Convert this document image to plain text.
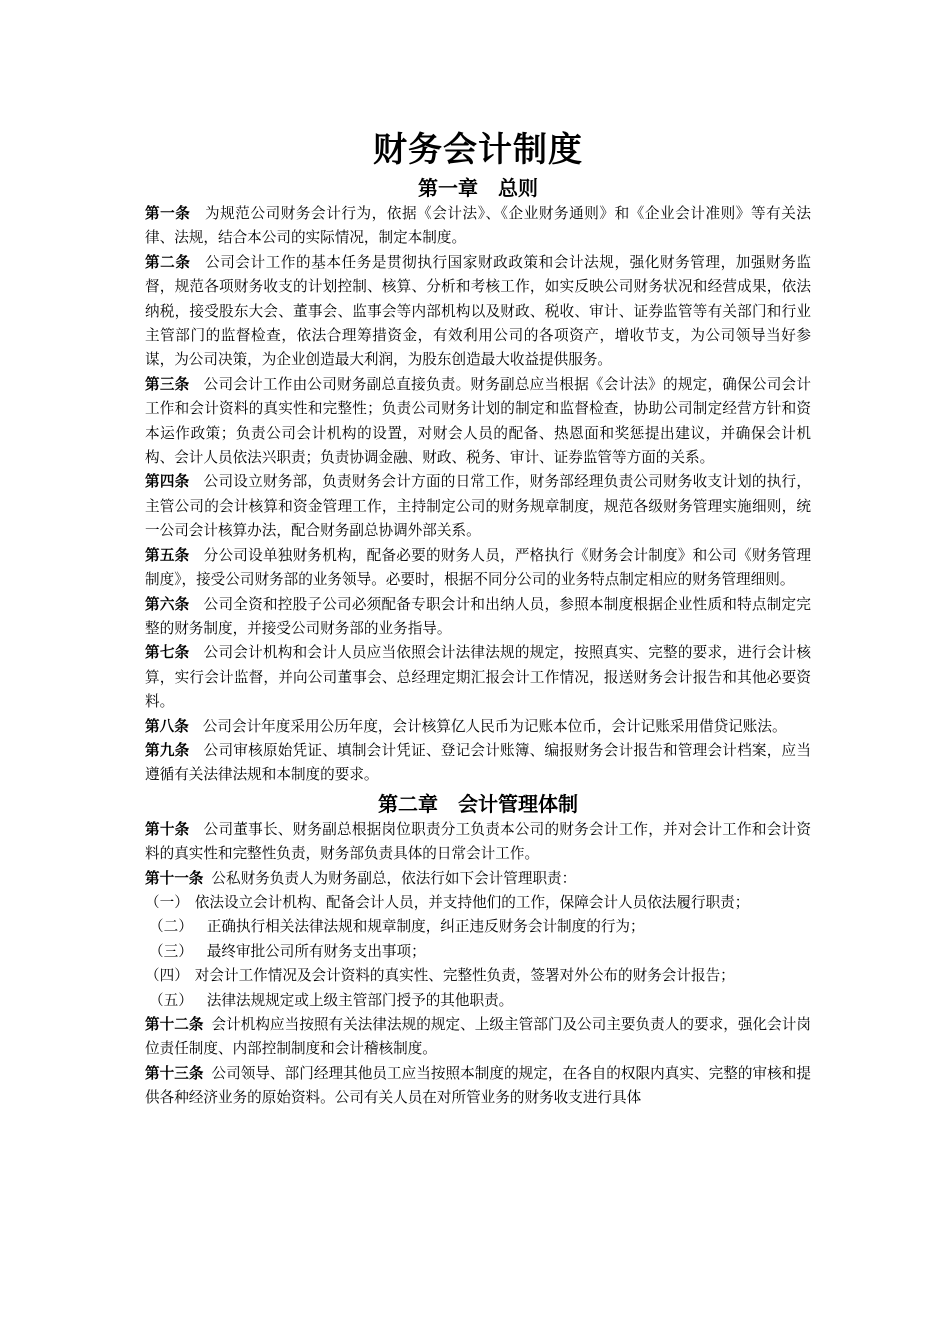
财务会计制度
第一章　总则

第一条 为规范公司财务会计行为，依据《会计法》、《企业财务通则》和《企业会计准则》等有关法律、法规，结合本公司的实际情况，制定本制度。

第二条 公司会计工作的基本任务是贯彻执行国家财政政策和会计法规，强化财务管理，加强财务监督，规范各项财务收支的计划控制、核算、分析和考核工作，如实反映公司财务状况和经营成果，依法纳税，接受股东大会、董事会、监事会等内部机构以及财政、税收、审计、证券监管等有关部门和行业主管部门的监督检查，依法合理筹措资金，有效利用公司的各项资产，增收节支，为公司领导当好参谋，为公司决策，为企业创造最大利润，为股东创造最大收益提供服务。

第三条 公司会计工作由公司财务副总直接负责。财务副总应当根据《会计法》的规定，确保公司会计工作和会计资料的真实性和完整性；负责公司财务计划的制定和监督检查，协助公司制定经营方针和资本运作政策；负责公司会计机构的设置，对财会人员的配备、热恩面和奖惩提出建议，并确保会计机构、会计人员依法兴职责；负责协调金融、财政、税务、审计、证券监管等方面的关系。

第四条 公司设立财务部，负责财务会计方面的日常工作，财务部经理负责公司财务收支计划的执行，主管公司的会计核算和资金管理工作，主持制定公司的财务规章制度，规范各级财务管理实施细则，统一公司会计核算办法，配合财务副总协调外部关系。

第五条 分公司设单独财务机构，配备必要的财务人员，严格执行《财务会计制度》和公司《财务管理制度》，接受公司财务部的业务领导。必要时，根据不同分公司的业务特点制定相应的财务管理细则。

第六条 公司全资和控股子公司必须配备专职会计和出纳人员，参照本制度根据企业性质和特点制定完整的财务制度，并接受公司财务部的业务指导。

第七条 公司会计机构和会计人员应当依照会计法律法规的规定，按照真实、完整的要求，进行会计核算，实行会计监督，并向公司董事会、总经理定期汇报会计工作情况，报送财务会计报告和其他必要资料。

第八条 公司会计年度采用公历年度，会计核算亿人民币为记账本位币，会计记账采用借贷记账法。

第九条 公司审核原始凭证、填制会计凭证、登记会计账簿、编报财务会计报告和管理会计档案，应当遵循有关法律法规和本制度的要求。

第二章　会计管理体制

第十条 公司董事长、财务副总根据岗位职责分工负责本公司的财务会计工作，并对会计工作和会计资料的真实性和完整性负责，财务部负责具体的日常会计工作。

第十一条 公私财务负责人为财务副总，依法行如下会计管理职责：

（一） 依法设立会计机构、配备会计人员，并支持他们的工作，保障会计人员依法履行职责；

（二） 正确执行相关法律法规和规章制度，纠正违反财务会计制度的行为；

（三） 最终审批公司所有财务支出事项；

（四） 对会计工作情况及会计资料的真实性、完整性负责，签署对外公布的财务会计报告；

（五） 法律法规规定或上级主管部门授予的其他职责。

第十二条 会计机构应当按照有关法律法规的规定、上级主管部门及公司主要负责人的要求，强化会计岗位责任制度、内部控制制度和会计稽核制度。

第十三条 公司领导、部门经理其他员工应当按照本制度的规定，在各自的权限内真实、完整的审核和提供各种经济业务的原始资料。公司有关人员在对所管业务的财务收支进行具体
